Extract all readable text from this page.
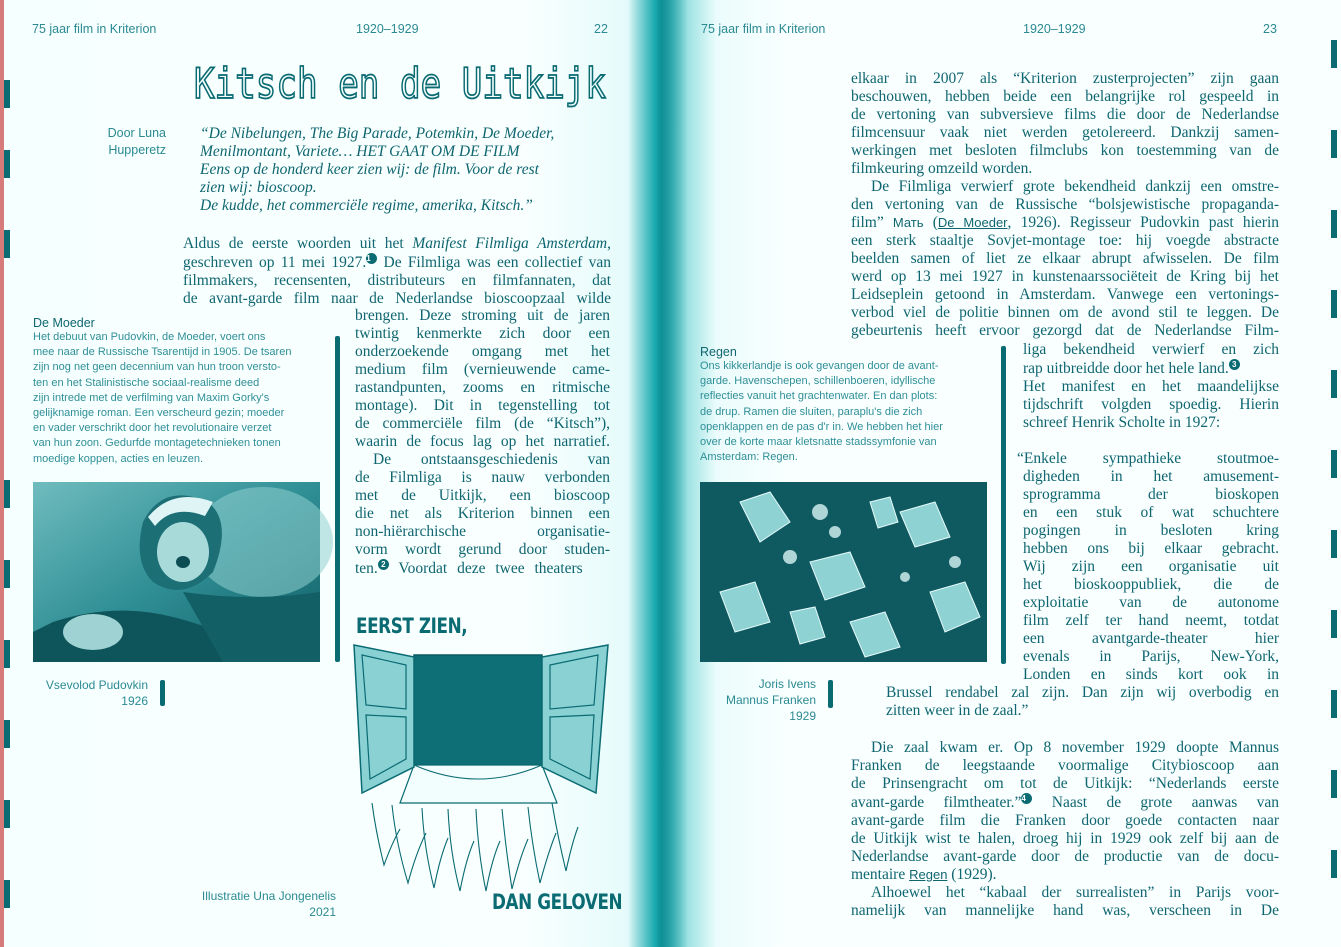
75 jaar film in Kriterion	1920–1929	22
Kitsch en de Uitkijk
Door Luna
Hupperetz
“De Nibelungen, The Big Parade, Potemkin, De Moeder,
Menilmontant, Variete… HET GAAT OM DE FILM
Eens op de honderd keer zien wij: de film. Voor de rest
zien wij: bioscoop.
De kudde, het commerciële regime, amerika, Kitsch.”
Aldus de eerste woorden uit het Manifest Filmliga Amsterdam,
geschreven op 11 mei 1927.1 De Filmliga was een collectief van
filmmakers, recensenten, distributeurs en filmfannaten, dat
de avant-garde film naar de Nederlandse bioscoopzaal wilde
brengen. Deze stroming uit de jaren
twintig kenmerkte zich door een
onderzoekende omgang met het
medium film (vernieuwende came-
rastandpunten, zooms en ritmische
montage). Dit in tegenstelling tot
de commerciële film (de “Kitsch”),
waarin de focus lag op het narratief.
De ontstaansgeschiedenis van
de Filmliga is nauw verbonden
met de Uitkijk, een bioscoop
die net als Kriterion binnen een
non-hiërarchische organisatie-
vorm wordt gerund door studen-
ten. 2 Voordat deze twee theaters
De Moeder
Het debuut van Pudovkin, de Moeder, voert ons
mee naar de Russische Tsarentijd in 1905. De tsaren
zijn nog net geen decennium van hun troon versto-
ten en het Stalinistische sociaal-realisme deed
zijn intrede met de verfilming van Maxim Gorky's
gelijknamige roman. Een verscheurd gezin; moeder
en vader verschrikt door het revolutionaire verzet
van hun zoon. Gedurfde montagetechnieken tonen
moedige koppen, acties en leuzen.
Vsevolod Pudovkin
1926
EERST ZIEN,
DAN GELOVEN
Illustratie Una Jongenelis
2021
75 jaar film in Kriterion	1920–1929	23
elkaar in 2007 als “Kriterion zusterprojecten” zijn gaan
beschouwen, hebben beide een belangrijke rol gespeeld in
de vertoning van subversieve films die door de Nederlandse
filmcensuur vaak niet werden getolereerd. Dankzij samen-
werkingen met besloten filmclubs kon toestemming van de
filmkeuring omzeild worden.
De Filmliga verwierf grote bekendheid dankzij een omstre-
den vertoning van de Russische “bolsjewistische propaganda-
film” Мать (De Moeder, 1926). Regisseur Pudovkin past hierin
een sterk staaltje Sovjet-montage toe: hij voegde abstracte
beelden samen of liet ze elkaar abrupt afwisselen. De film
werd op 13 mei 1927 in kunstenaarssociëteit de Kring bij het
Leidseplein getoond in Amsterdam. Vanwege een vertonings-
verbod viel de politie binnen om de avond stil te leggen. De
gebeurtenis heeft ervoor gezorgd dat de Nederlandse Film-
liga bekendheid verwierf en zich
rap uitbreidde door het hele land. 3
Het manifest en het maandelijkse
tijdschrift volgden spoedig. Hierin
schreef Henrik Scholte in 1927:
“Enkele sympathieke stoutmoe-
digheden in het amusement-
sprogramma der bioskopen
en een stuk of wat schuchtere
pogingen in besloten kring
hebben ons bij elkaar gebracht.
Wij zijn een organisatie uit
het bioskooppubliek, die de
exploitatie van de autonome
film zelf ter hand neemt, totdat
een avantgarde-theater hier
evenals in Parijs, New-York,
Londen en sinds kort ook in
Brussel rendabel zal zijn. Dan zijn wij overbodig en
zitten weer in de zaal.”
Regen
Ons kikkerlandje is ook gevangen door de avant-
garde. Havenschepen, schillenboeren, idyllische
reflecties vanuit het grachtenwater. En dan plots:
de drup. Ramen die sluiten, paraplu's die zich
openklappen en de pas d'r in. We hebben het hier
over de korte maar kletsnatte stadssymfonie van
Amsterdam: Regen.
Joris Ivens
Mannus Franken
1929
Die zaal kwam er. Op 8 november 1929 doopte Mannus
Franken de leegstaande voormalige Citybioscoop aan
de Prinsengracht om tot de Uitkijk: “Nederlands eerste
avant-garde filmtheater.”4 Naast de grote aanwas van
avant-garde film die Franken door goede contacten naar
de Uitkijk wist te halen, droeg hij in 1929 ook zelf bij aan de
Nederlandse avant-garde door de productie van de docu-
mentaire Regen (1929).
Alhoewel het “kabaal der surrealisten” in Parijs voor-
namelijk van mannelijke hand was, verscheen in De
